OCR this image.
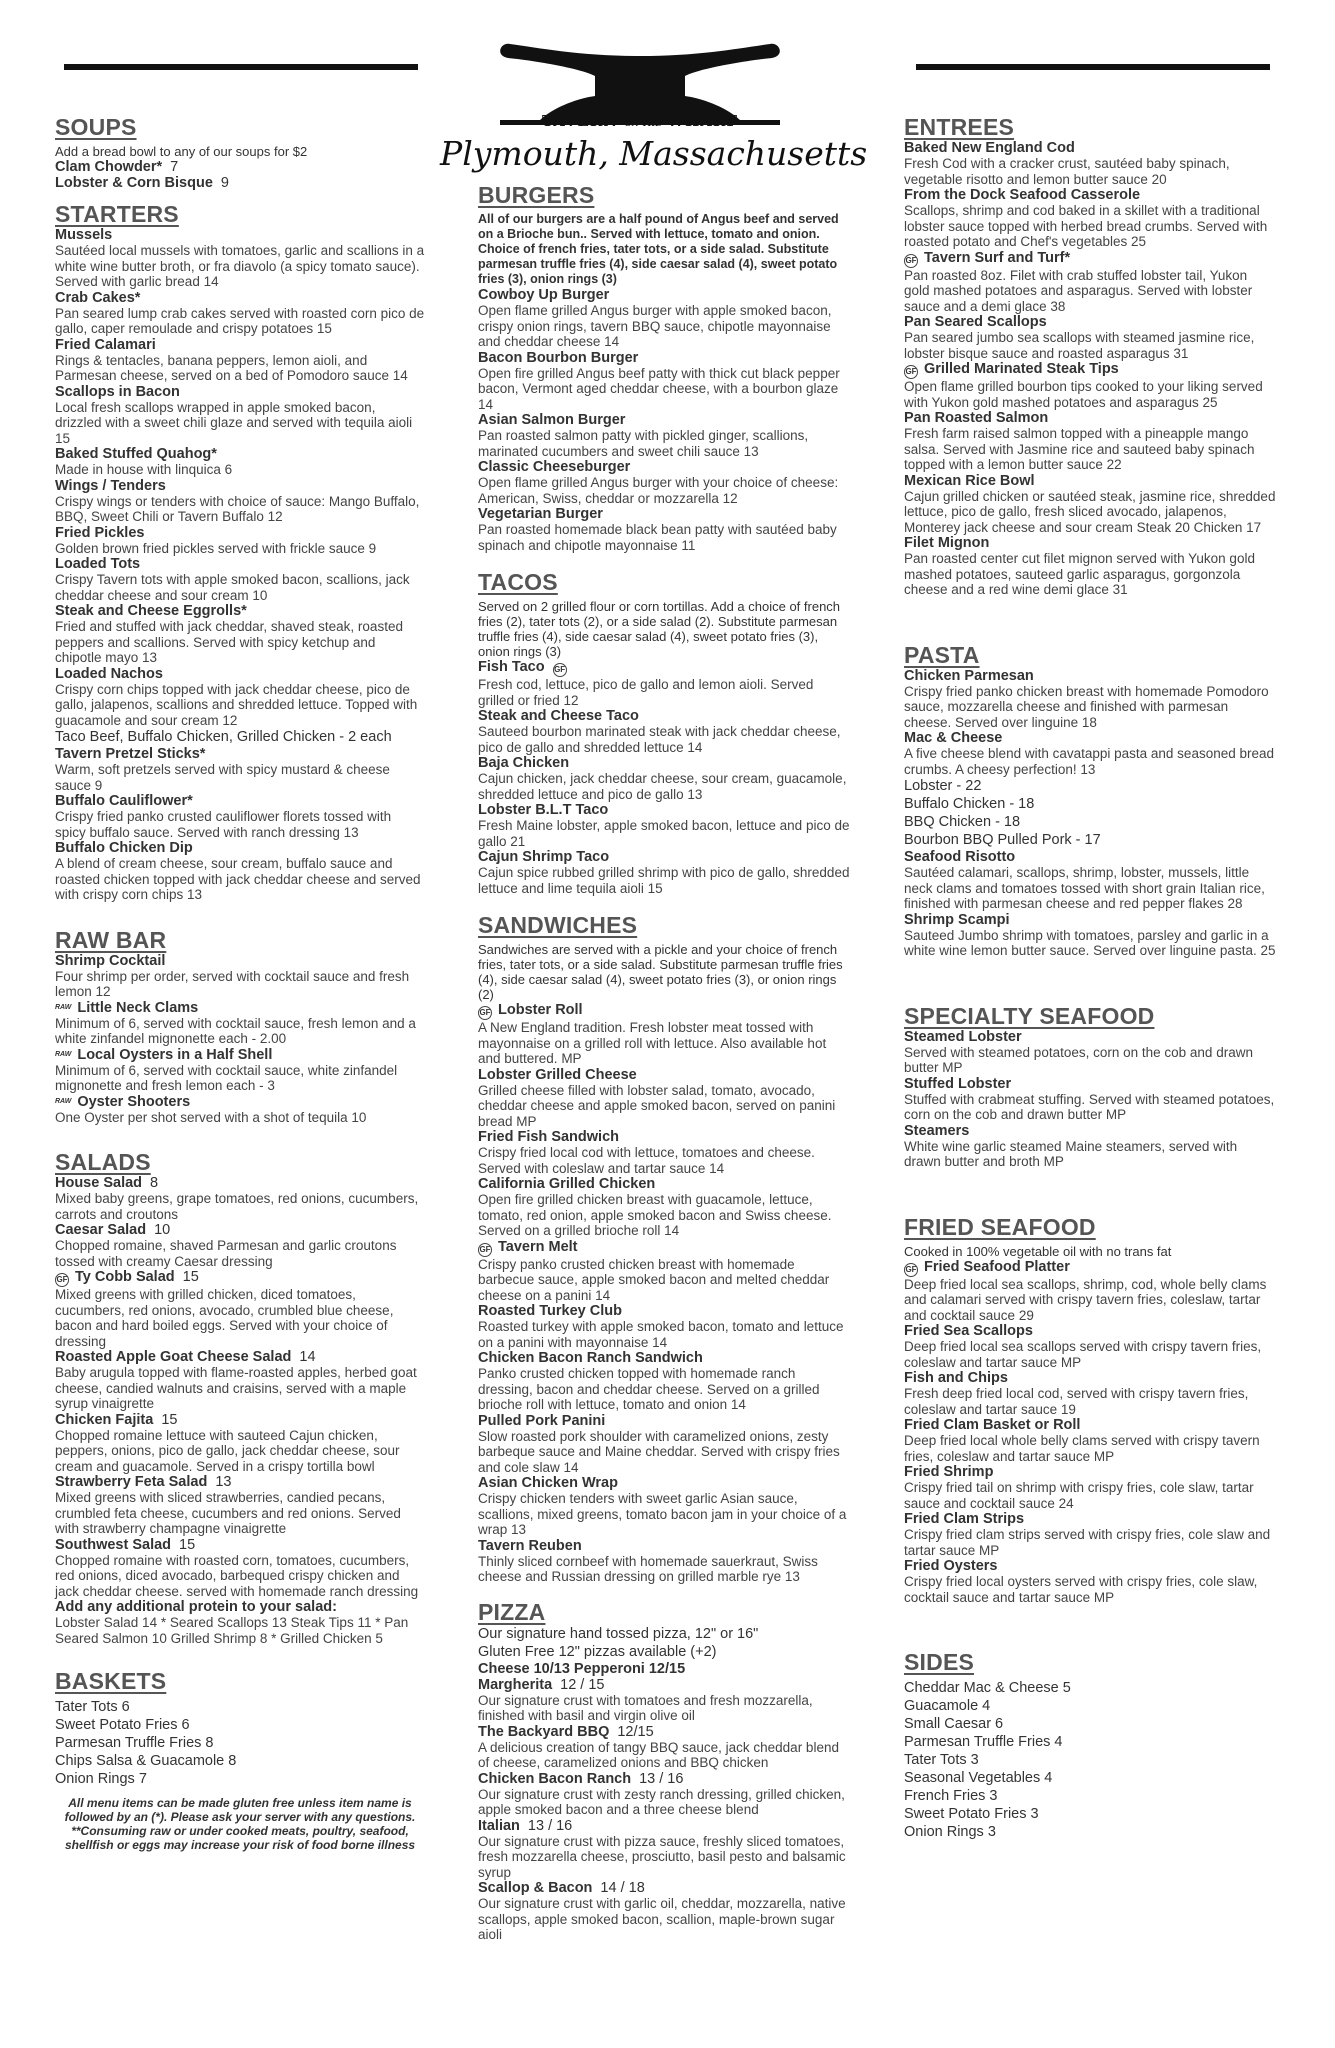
TAVERN ON THE WHARF
Plymouth, Massachusetts
SOUPS
Add a bread bowl to any of our soups for $2
Clam Chowder* 7
Lobster & Corn Bisque 9
STARTERS
Mussels
Sautéed local mussels with tomatoes, garlic and scallions in a white wine butter broth, or fra diavolo (a spicy tomato sauce). Served with garlic bread 14
Crab Cakes*
Pan seared lump crab cakes served with roasted corn pico de gallo, caper remoulade and crispy potatoes 15
Fried Calamari
Rings & tentacles, banana peppers, lemon aioli, and Parmesan cheese, served on a bed of Pomodoro sauce 14
Scallops in Bacon
Local fresh scallops wrapped in apple smoked bacon, drizzled with a sweet chili glaze and served with tequila aioli 15
Baked Stuffed Quahog*
Made in house with linquica 6
Wings / Tenders
Crispy wings or tenders with choice of sauce: Mango Buffalo, BBQ, Sweet Chili or Tavern Buffalo 12
Fried Pickles
Golden brown fried pickles served with frickle sauce 9
Loaded Tots
Crispy Tavern tots with apple smoked bacon, scallions, jack cheddar cheese and sour cream 10
Steak and Cheese Eggrolls*
Fried and stuffed with jack cheddar, shaved steak, roasted peppers and scallions. Served with spicy ketchup and chipotle mayo 13
Loaded Nachos
Crispy corn chips topped with jack cheddar cheese, pico de gallo, jalapenos, scallions and shredded lettuce. Topped with guacamole and sour cream 12
Taco Beef, Buffalo Chicken, Grilled Chicken - 2 each
Tavern Pretzel Sticks*
Warm, soft pretzels served with spicy mustard & cheese sauce 9
Buffalo Cauliflower*
Crispy fried panko crusted cauliflower florets tossed with spicy buffalo sauce. Served with ranch dressing 13
Buffalo Chicken Dip
A blend of cream cheese, sour cream, buffalo sauce and roasted chicken topped with jack cheddar cheese and served with crispy corn chips 13
RAW BAR
Shrimp Cocktail
Four shrimp per order, served with cocktail sauce and fresh lemon 12
RAW Little Neck Clams
Minimum of 6, served with cocktail sauce, fresh lemon and a white zinfandel mignonette each - 2.00
RAW Local Oysters in a Half Shell
Minimum of 6, served with cocktail sauce, white zinfandel mignonette and fresh lemon each - 3
RAW Oyster Shooters
One Oyster per shot served with a shot of tequila 10
SALADS
House Salad 8
Mixed baby greens, grape tomatoes, red onions, cucumbers, carrots and croutons
Caesar Salad 10
Chopped romaine, shaved Parmesan and garlic croutons tossed with creamy Caesar dressing
GF Ty Cobb Salad 15
Mixed greens with grilled chicken, diced tomatoes, cucumbers, red onions, avocado, crumbled blue cheese, bacon and hard boiled eggs. Served with your choice of dressing
Roasted Apple Goat Cheese Salad 14
Baby arugula topped with flame-roasted apples, herbed goat cheese, candied walnuts and craisins, served with a maple syrup vinaigrette
Chicken Fajita 15
Chopped romaine lettuce with sauteed Cajun chicken, peppers, onions, pico de gallo, jack cheddar cheese, sour cream and guacamole. Served in a crispy tortilla bowl
Strawberry Feta Salad 13
Mixed greens with sliced strawberries, candied pecans, crumbled feta cheese, cucumbers and red onions. Served with strawberry champagne vinaigrette
Southwest Salad 15
Chopped romaine with roasted corn, tomatoes, cucumbers, red onions, diced avocado, barbequed crispy chicken and jack cheddar cheese. served with homemade ranch dressing
Add any additional protein to your salad:
Lobster Salad 14 * Seared Scallops 13 Steak Tips 11 * Pan Seared Salmon 10 Grilled Shrimp 8 * Grilled Chicken 5
BASKETS
Tater Tots 6
Sweet Potato Fries 6
Parmesan Truffle Fries 8
Chips Salsa & Guacamole 8
Onion Rings 7
All menu items can be made gluten free unless item name is followed by an (*). Please ask your server with any questions. **Consuming raw or under cooked meats, poultry, seafood, shellfish or eggs may increase your risk of food borne illness
BURGERS
All of our burgers are a half pound of Angus beef and served on a Brioche bun.. Served with lettuce, tomato and onion. Choice of french fries, tater tots, or a side salad. Substitute parmesan truffle fries (4), side caesar salad (4), sweet potato fries (3), onion rings (3)
Cowboy Up Burger
Open flame grilled Angus burger with apple smoked bacon, crispy onion rings, tavern BBQ sauce, chipotle mayonnaise and cheddar cheese 14
Bacon Bourbon Burger
Open fire grilled Angus beef patty with thick cut black pepper bacon, Vermont aged cheddar cheese, with a bourbon glaze 14
Asian Salmon Burger
Pan roasted salmon patty with pickled ginger, scallions, marinated cucumbers and sweet chili sauce 13
Classic Cheeseburger
Open flame grilled Angus burger with your choice of cheese: American, Swiss, cheddar or mozzarella 12
Vegetarian Burger
Pan roasted homemade black bean patty with sautéed baby spinach and chipotle mayonnaise 11
TACOS
Served on 2 grilled flour or corn tortillas. Add a choice of french fries (2), tater tots (2), or a side salad (2). Substitute parmesan truffle fries (4), side caesar salad (4), sweet potato fries (3), onion rings (3)
Fish Taco GF
Fresh cod, lettuce, pico de gallo and lemon aioli. Served grilled or fried 12
Steak and Cheese Taco
Sauteed bourbon marinated steak with jack cheddar cheese, pico de gallo and shredded lettuce 14
Baja Chicken
Cajun chicken, jack cheddar cheese, sour cream, guacamole, shredded lettuce and pico de gallo 13
Lobster B.L.T Taco
Fresh Maine lobster, apple smoked bacon, lettuce and pico de gallo 21
Cajun Shrimp Taco
Cajun spice rubbed grilled shrimp with pico de gallo, shredded lettuce and lime tequila aioli 15
SANDWICHES
Sandwiches are served with a pickle and your choice of french fries, tater tots, or a side salad. Substitute parmesan truffle fries (4), side caesar salad (4), sweet potato fries (3), or onion rings (2)
GF Lobster Roll
A New England tradition. Fresh lobster meat tossed with mayonnaise on a grilled roll with lettuce. Also available hot and buttered. MP
Lobster Grilled Cheese
Grilled cheese filled with lobster salad, tomato, avocado, cheddar cheese and apple smoked bacon, served on panini bread MP
Fried Fish Sandwich
Crispy fried local cod with lettuce, tomatoes and cheese. Served with coleslaw and tartar sauce 14
California Grilled Chicken
Open fire grilled chicken breast with guacamole, lettuce, tomato, red onion, apple smoked bacon and Swiss cheese. Served on a grilled brioche roll 14
GF Tavern Melt
Crispy panko crusted chicken breast with homemade barbecue sauce, apple smoked bacon and melted cheddar cheese on a panini 14
Roasted Turkey Club
Roasted turkey with apple smoked bacon, tomato and lettuce on a panini with mayonnaise 14
Chicken Bacon Ranch Sandwich
Panko crusted chicken topped with homemade ranch dressing, bacon and cheddar cheese. Served on a grilled brioche roll with lettuce, tomato and onion 14
Pulled Pork Panini
Slow roasted pork shoulder with caramelized onions, zesty barbeque sauce and Maine cheddar. Served with crispy fries and cole slaw 14
Asian Chicken Wrap
Crispy chicken tenders with sweet garlic Asian sauce, scallions, mixed greens, tomato bacon jam in your choice of a wrap 13
Tavern Reuben
Thinly sliced cornbeef with homemade sauerkraut, Swiss cheese and Russian dressing on grilled marble rye 13
PIZZA
Our signature hand tossed pizza, 12" or 16"
Gluten Free 12" pizzas available (+2)
Cheese 10/13 Pepperoni 12/15
Margherita 12 / 15
Our signature crust with tomatoes and fresh mozzarella, finished with basil and virgin olive oil
The Backyard BBQ 12/15
A delicious creation of tangy BBQ sauce, jack cheddar blend of cheese, caramelized onions and BBQ chicken
Chicken Bacon Ranch 13 / 16
Our signature crust with zesty ranch dressing, grilled chicken, apple smoked bacon and a three cheese blend
Italian 13 / 16
Our signature crust with pizza sauce, freshly sliced tomatoes, fresh mozzarella cheese, prosciutto, basil pesto and balsamic syrup
Scallop & Bacon 14 / 18
Our signature crust with garlic oil, cheddar, mozzarella, native scallops, apple smoked bacon, scallion, maple-brown sugar aioli
ENTREES
Baked New England Cod
Fresh Cod with a cracker crust, sautéed baby spinach, vegetable risotto and lemon butter sauce 20
From the Dock Seafood Casserole
Scallops, shrimp and cod baked in a skillet with a traditional lobster sauce topped with herbed bread crumbs. Served with roasted potato and Chef's vegetables 25
GF Tavern Surf and Turf*
Pan roasted 8oz. Filet with crab stuffed lobster tail, Yukon gold mashed potatoes and asparagus. Served with lobster sauce and a demi glace 38
Pan Seared Scallops
Pan seared jumbo sea scallops with steamed jasmine rice, lobster bisque sauce and roasted asparagus 31
GF Grilled Marinated Steak Tips
Open flame grilled bourbon tips cooked to your liking served with Yukon gold mashed potatoes and asparagus 25
Pan Roasted Salmon
Fresh farm raised salmon topped with a pineapple mango salsa. Served with Jasmine rice and sauteed baby spinach topped with a lemon butter sauce 22
Mexican Rice Bowl
Cajun grilled chicken or sautéed steak, jasmine rice, shredded lettuce, pico de gallo, fresh sliced avocado, jalapenos, Monterey jack cheese and sour cream Steak 20 Chicken 17
Filet Mignon
Pan roasted center cut filet mignon served with Yukon gold mashed potatoes, sauteed garlic asparagus, gorgonzola cheese and a red wine demi glace 31
PASTA
Chicken Parmesan
Crispy fried panko chicken breast with homemade Pomodoro sauce, mozzarella cheese and finished with parmesan cheese. Served over linguine 18
Mac & Cheese
A five cheese blend with cavatappi pasta and seasoned bread crumbs. A cheesy perfection! 13
Lobster - 22
Buffalo Chicken - 18
BBQ Chicken - 18
Bourbon BBQ Pulled Pork - 17
Seafood Risotto
Sautéed calamari, scallops, shrimp, lobster, mussels, little neck clams and tomatoes tossed with short grain Italian rice, finished with parmesan cheese and red pepper flakes 28
Shrimp Scampi
Sauteed Jumbo shrimp with tomatoes, parsley and garlic in a white wine lemon butter sauce. Served over linguine pasta. 25
SPECIALTY SEAFOOD
Steamed Lobster
Served with steamed potatoes, corn on the cob and drawn butter MP
Stuffed Lobster
Stuffed with crabmeat stuffing. Served with steamed potatoes, corn on the cob and drawn butter MP
Steamers
White wine garlic steamed Maine steamers, served with drawn butter and broth MP
FRIED SEAFOOD
Cooked in 100% vegetable oil with no trans fat
GF Fried Seafood Platter
Deep fried local sea scallops, shrimp, cod, whole belly clams and calamari served with crispy tavern fries, coleslaw, tartar and cocktail sauce 29
Fried Sea Scallops
Deep fried local sea scallops served with crispy tavern fries, coleslaw and tartar sauce MP
Fish and Chips
Fresh deep fried local cod, served with crispy tavern fries, coleslaw and tartar sauce 19
Fried Clam Basket or Roll
Deep fried local whole belly clams served with crispy tavern fries, coleslaw and tartar sauce MP
Fried Shrimp
Crispy fried tail on shrimp with crispy fries, cole slaw, tartar sauce and cocktail sauce 24
Fried Clam Strips
Crispy fried clam strips served with crispy fries, cole slaw and tartar sauce MP
Fried Oysters
Crispy fried local oysters served with crispy fries, cole slaw, cocktail sauce and tartar sauce MP
SIDES
Cheddar Mac & Cheese 5
Guacamole 4
Small Caesar 6
Parmesan Truffle Fries 4
Tater Tots 3
Seasonal Vegetables 4
French Fries 3
Sweet Potato Fries 3
Onion Rings 3
